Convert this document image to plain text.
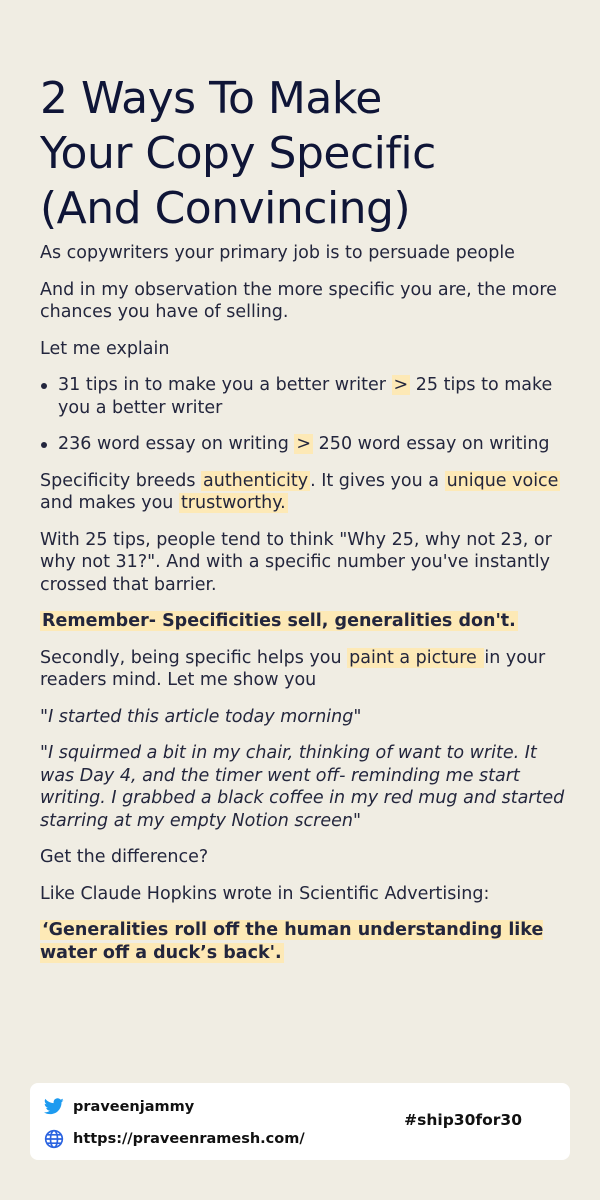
2 Ways To Make
Your Copy Specific
(And Convincing)

As copywriters your primary job is to persuade people

And in my observation the more specific you are, the more chances you have of selling.

Let me explain

31 tips in to make you a better writer > 25 tips to make you a better writer
236 word essay on writing > 250 word essay on writing

Specificity breeds authenticity . It gives you a unique voice and makes you trustworthy.

With 25 tips, people tend to think "Why 25, why not 23, or why not 31?". And with a specific number you've instantly crossed that barrier.

Remember- Specificities sell, generalities don't.

Secondly, being specific helps you paint a picture in your readers mind. Let me show you

"I started this article today morning"

"I squirmed a bit in my chair, thinking of want to write. It was Day 4, and the timer went off- reminding me start writing. I grabbed a black coffee in my red mug and started starring at my empty Notion screen"

Get the difference?

Like Claude Hopkins wrote in Scientific Advertising:

‘Generalities roll off the human understanding like water off a duck’s back'.

praveenjammy
https://praveenramesh.com/
#ship30for30
